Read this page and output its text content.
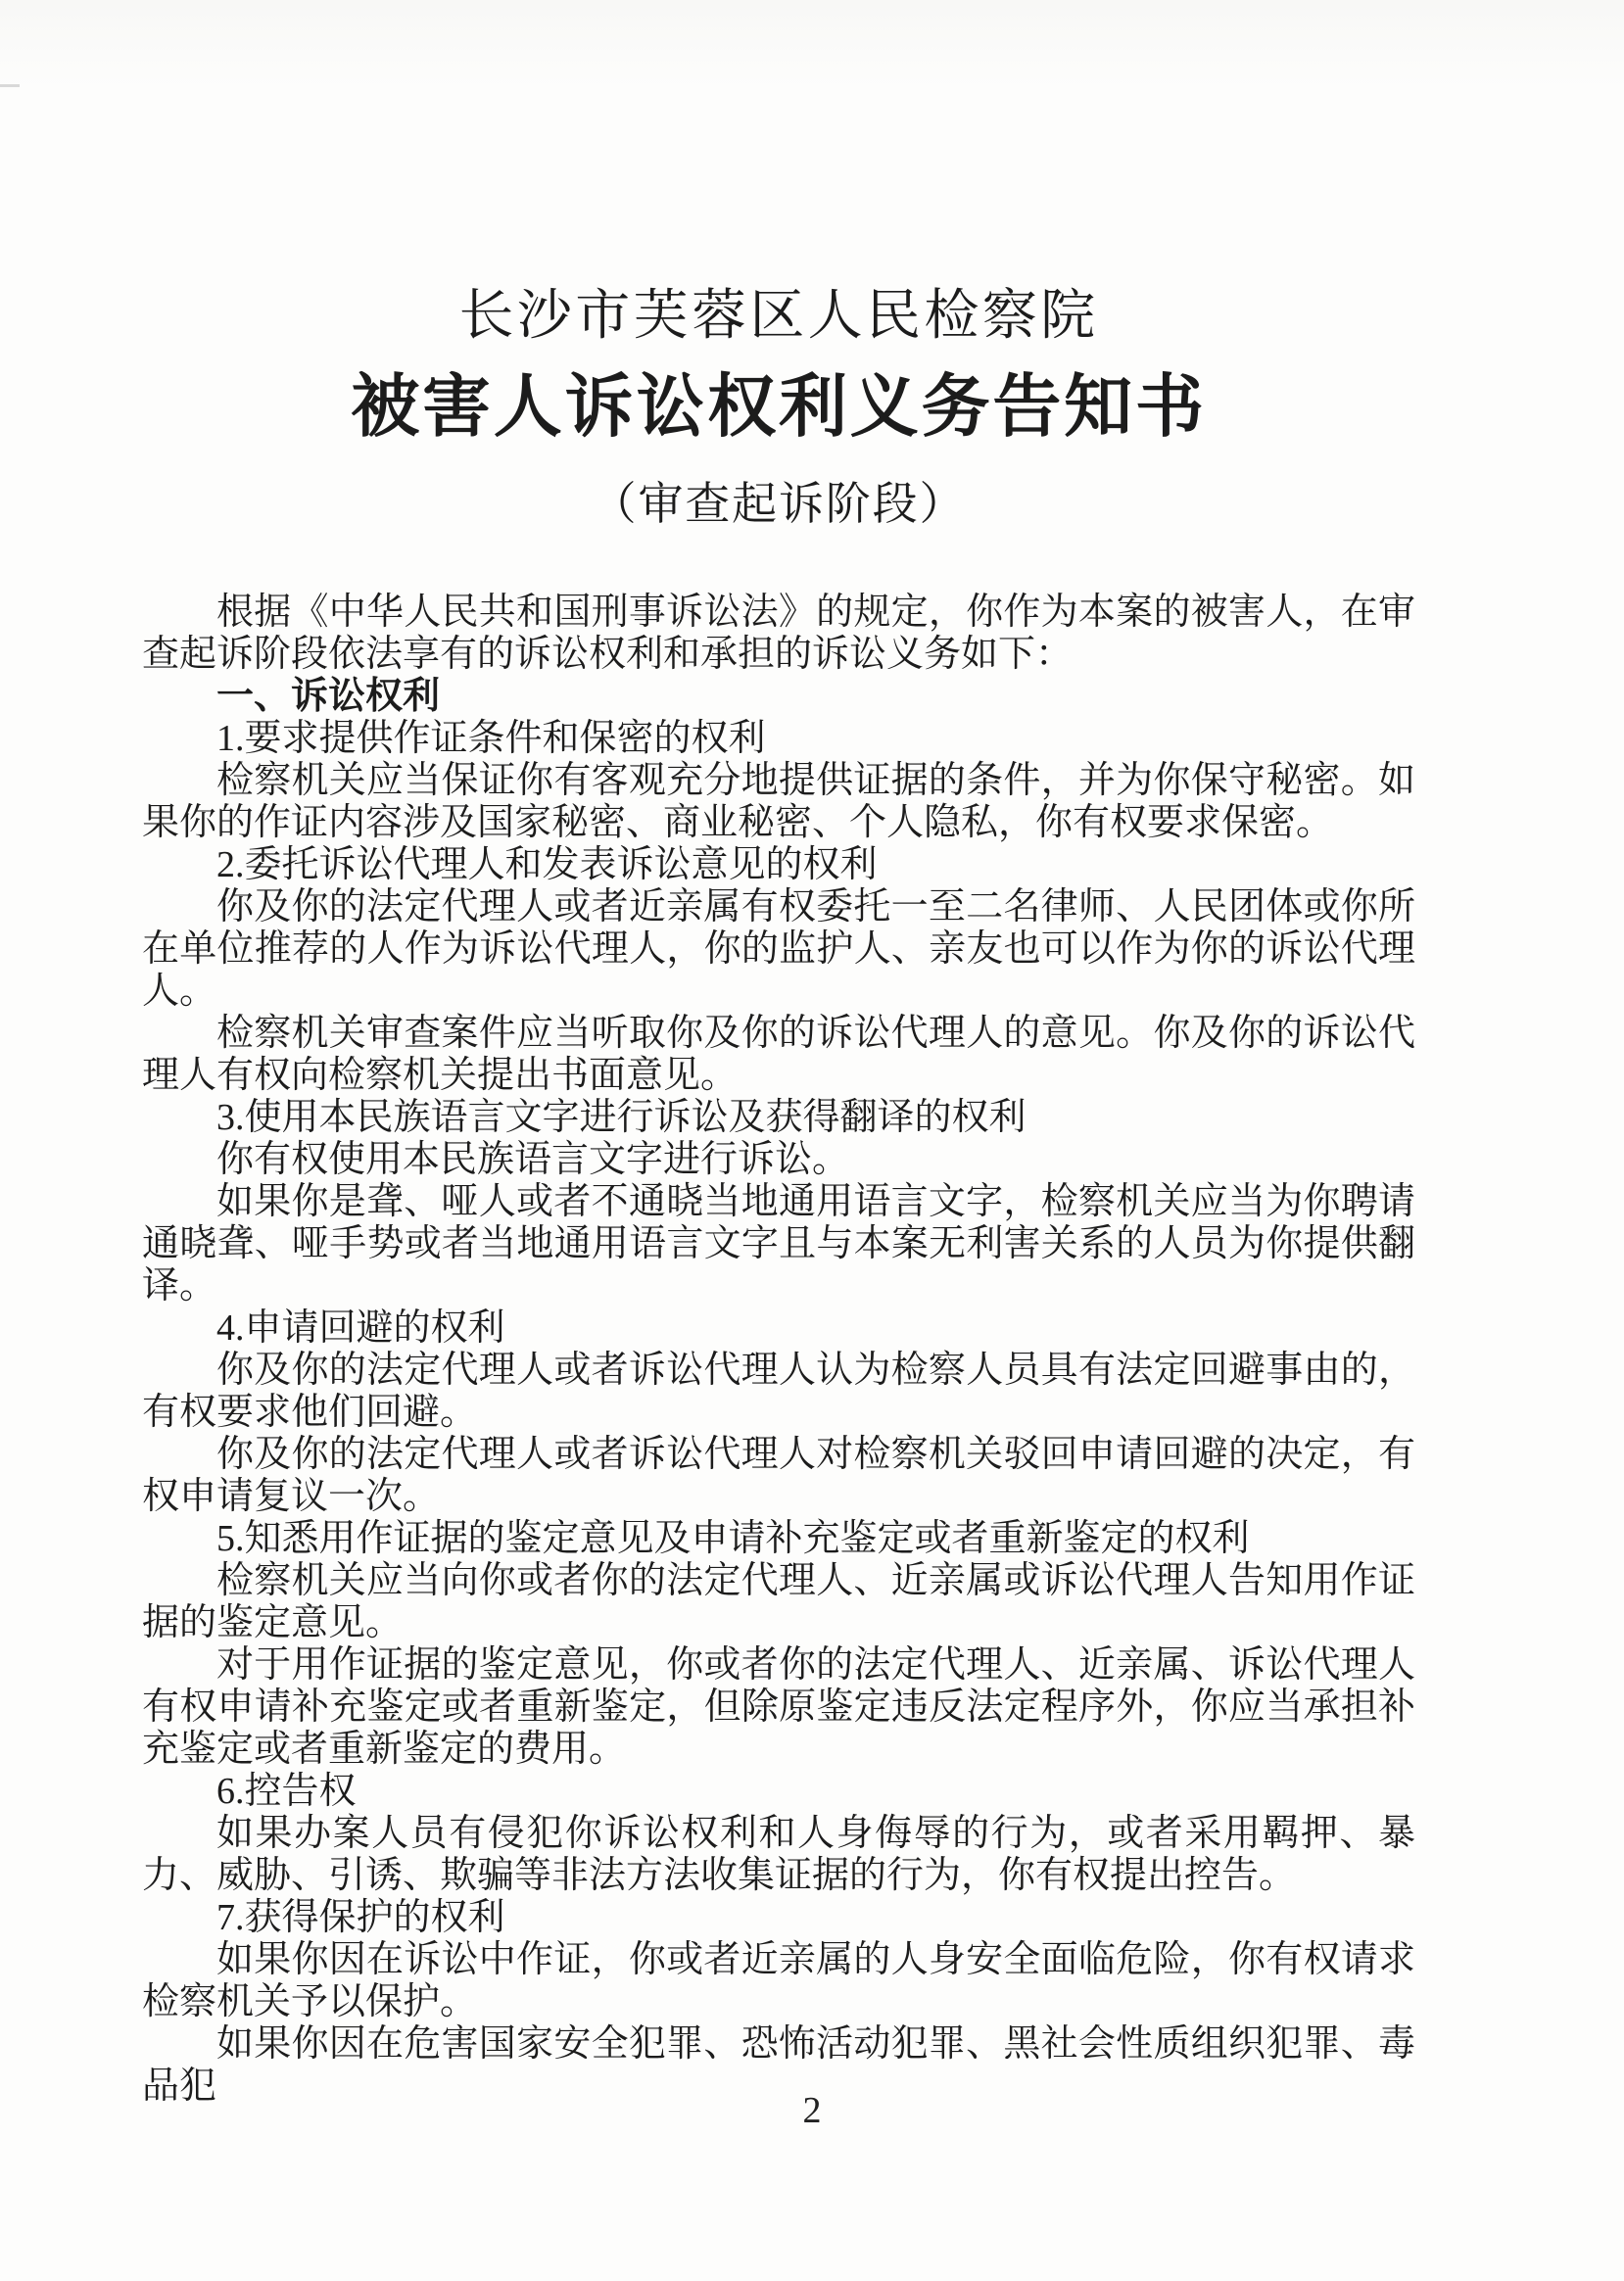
长沙市芙蓉区人民检察院
被害人诉讼权利义务告知书
（审查起诉阶段）
根据《中华人民共和国刑事诉讼法》的规定，你作为本案的被害人，在审查起诉阶段依法享有的诉讼权利和承担的诉讼义务如下：
一、诉讼权利
1.要求提供作证条件和保密的权利
检察机关应当保证你有客观充分地提供证据的条件，并为你保守秘密。如果你的作证内容涉及国家秘密、商业秘密、个人隐私，你有权要求保密。
2.委托诉讼代理人和发表诉讼意见的权利
你及你的法定代理人或者近亲属有权委托一至二名律师、人民团体或你所在单位推荐的人作为诉讼代理人，你的监护人、亲友也可以作为你的诉讼代理人。
检察机关审查案件应当听取你及你的诉讼代理人的意见。你及你的诉讼代理人有权向检察机关提出书面意见。
3.使用本民族语言文字进行诉讼及获得翻译的权利
你有权使用本民族语言文字进行诉讼。
如果你是聋、哑人或者不通晓当地通用语言文字，检察机关应当为你聘请通晓聋、哑手势或者当地通用语言文字且与本案无利害关系的人员为你提供翻译。
4.申请回避的权利
你及你的法定代理人或者诉讼代理人认为检察人员具有法定回避事由的，有权要求他们回避。
你及你的法定代理人或者诉讼代理人对检察机关驳回申请回避的决定，有权申请复议一次。
5.知悉用作证据的鉴定意见及申请补充鉴定或者重新鉴定的权利
检察机关应当向你或者你的法定代理人、近亲属或诉讼代理人告知用作证据的鉴定意见。
对于用作证据的鉴定意见，你或者你的法定代理人、近亲属、诉讼代理人有权申请补充鉴定或者重新鉴定，但除原鉴定违反法定程序外，你应当承担补充鉴定或者重新鉴定的费用。
6.控告权
如果办案人员有侵犯你诉讼权利和人身侮辱的行为，或者采用羁押、暴力、威胁、引诱、欺骗等非法方法收集证据的行为，你有权提出控告。
7.获得保护的权利
如果你因在诉讼中作证，你或者近亲属的人身安全面临危险，你有权请求检察机关予以保护。
如果你因在危害国家安全犯罪、恐怖活动犯罪、黑社会性质组织犯罪、毒品犯
2
